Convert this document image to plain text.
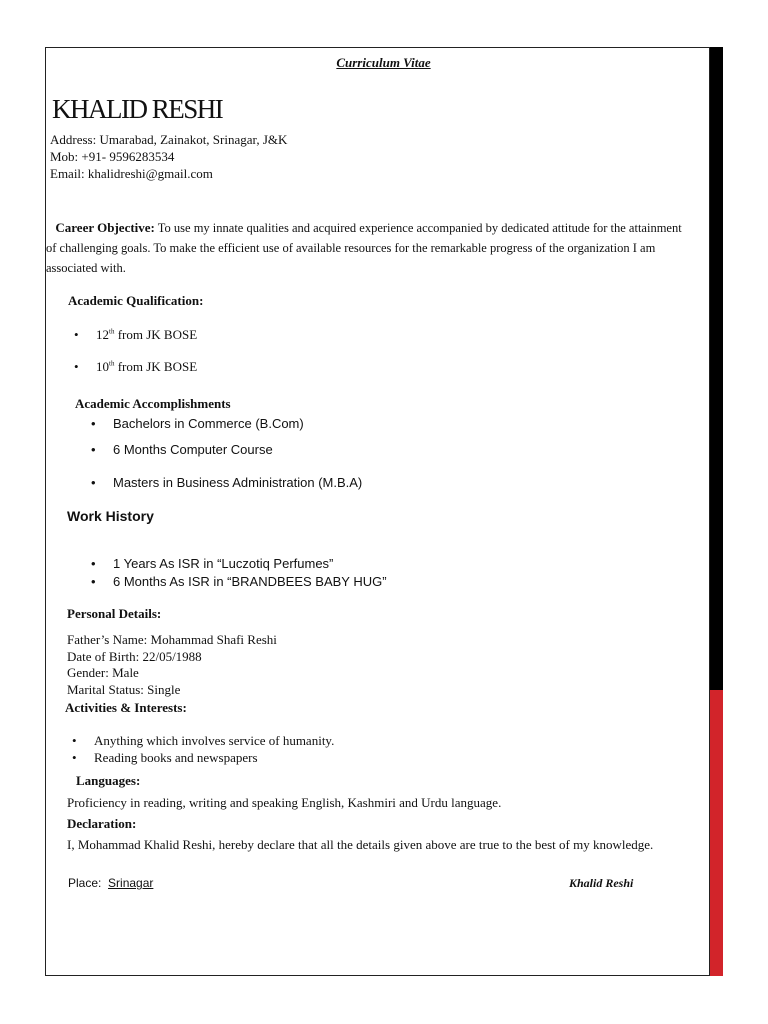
Curriculum Vitae
KHALID RESHI
Address: Umarabad, Zainakot, Srinagar, J&K
Mob: +91- 9596283534
Email: khalidreshi@gmail.com
Career Objective: To use my innate qualities and acquired experience accompanied by dedicated attitude for the attainment of challenging goals. To make the efficient use of available resources for the remarkable progress of the organization I am associated with.
Academic Qualification:
• 12th from JK BOSE
• 10th from JK BOSE
Academic Accomplishments
• Bachelors in Commerce (B.Com)
• 6 Months Computer Course
• Masters in Business Administration (M.B.A)
Work History
• 1 Years As ISR in “Luczotiq Perfumes”
• 6 Months As ISR in “BRANDBEES BABY HUG”
Personal Details:
Father’s Name: Mohammad Shafi Reshi
Date of Birth: 22/05/1988
Gender: Male
Marital Status: Single
Activities & Interests:
• Anything which involves service of humanity.
• Reading books and newspapers
Languages:
Proficiency in reading, writing and speaking English, Kashmiri and Urdu language.
Declaration:
I, Mohammad Khalid Reshi, hereby declare that all the details given above are true to the best of my knowledge.
Place: Srinagar	Khalid Reshi
